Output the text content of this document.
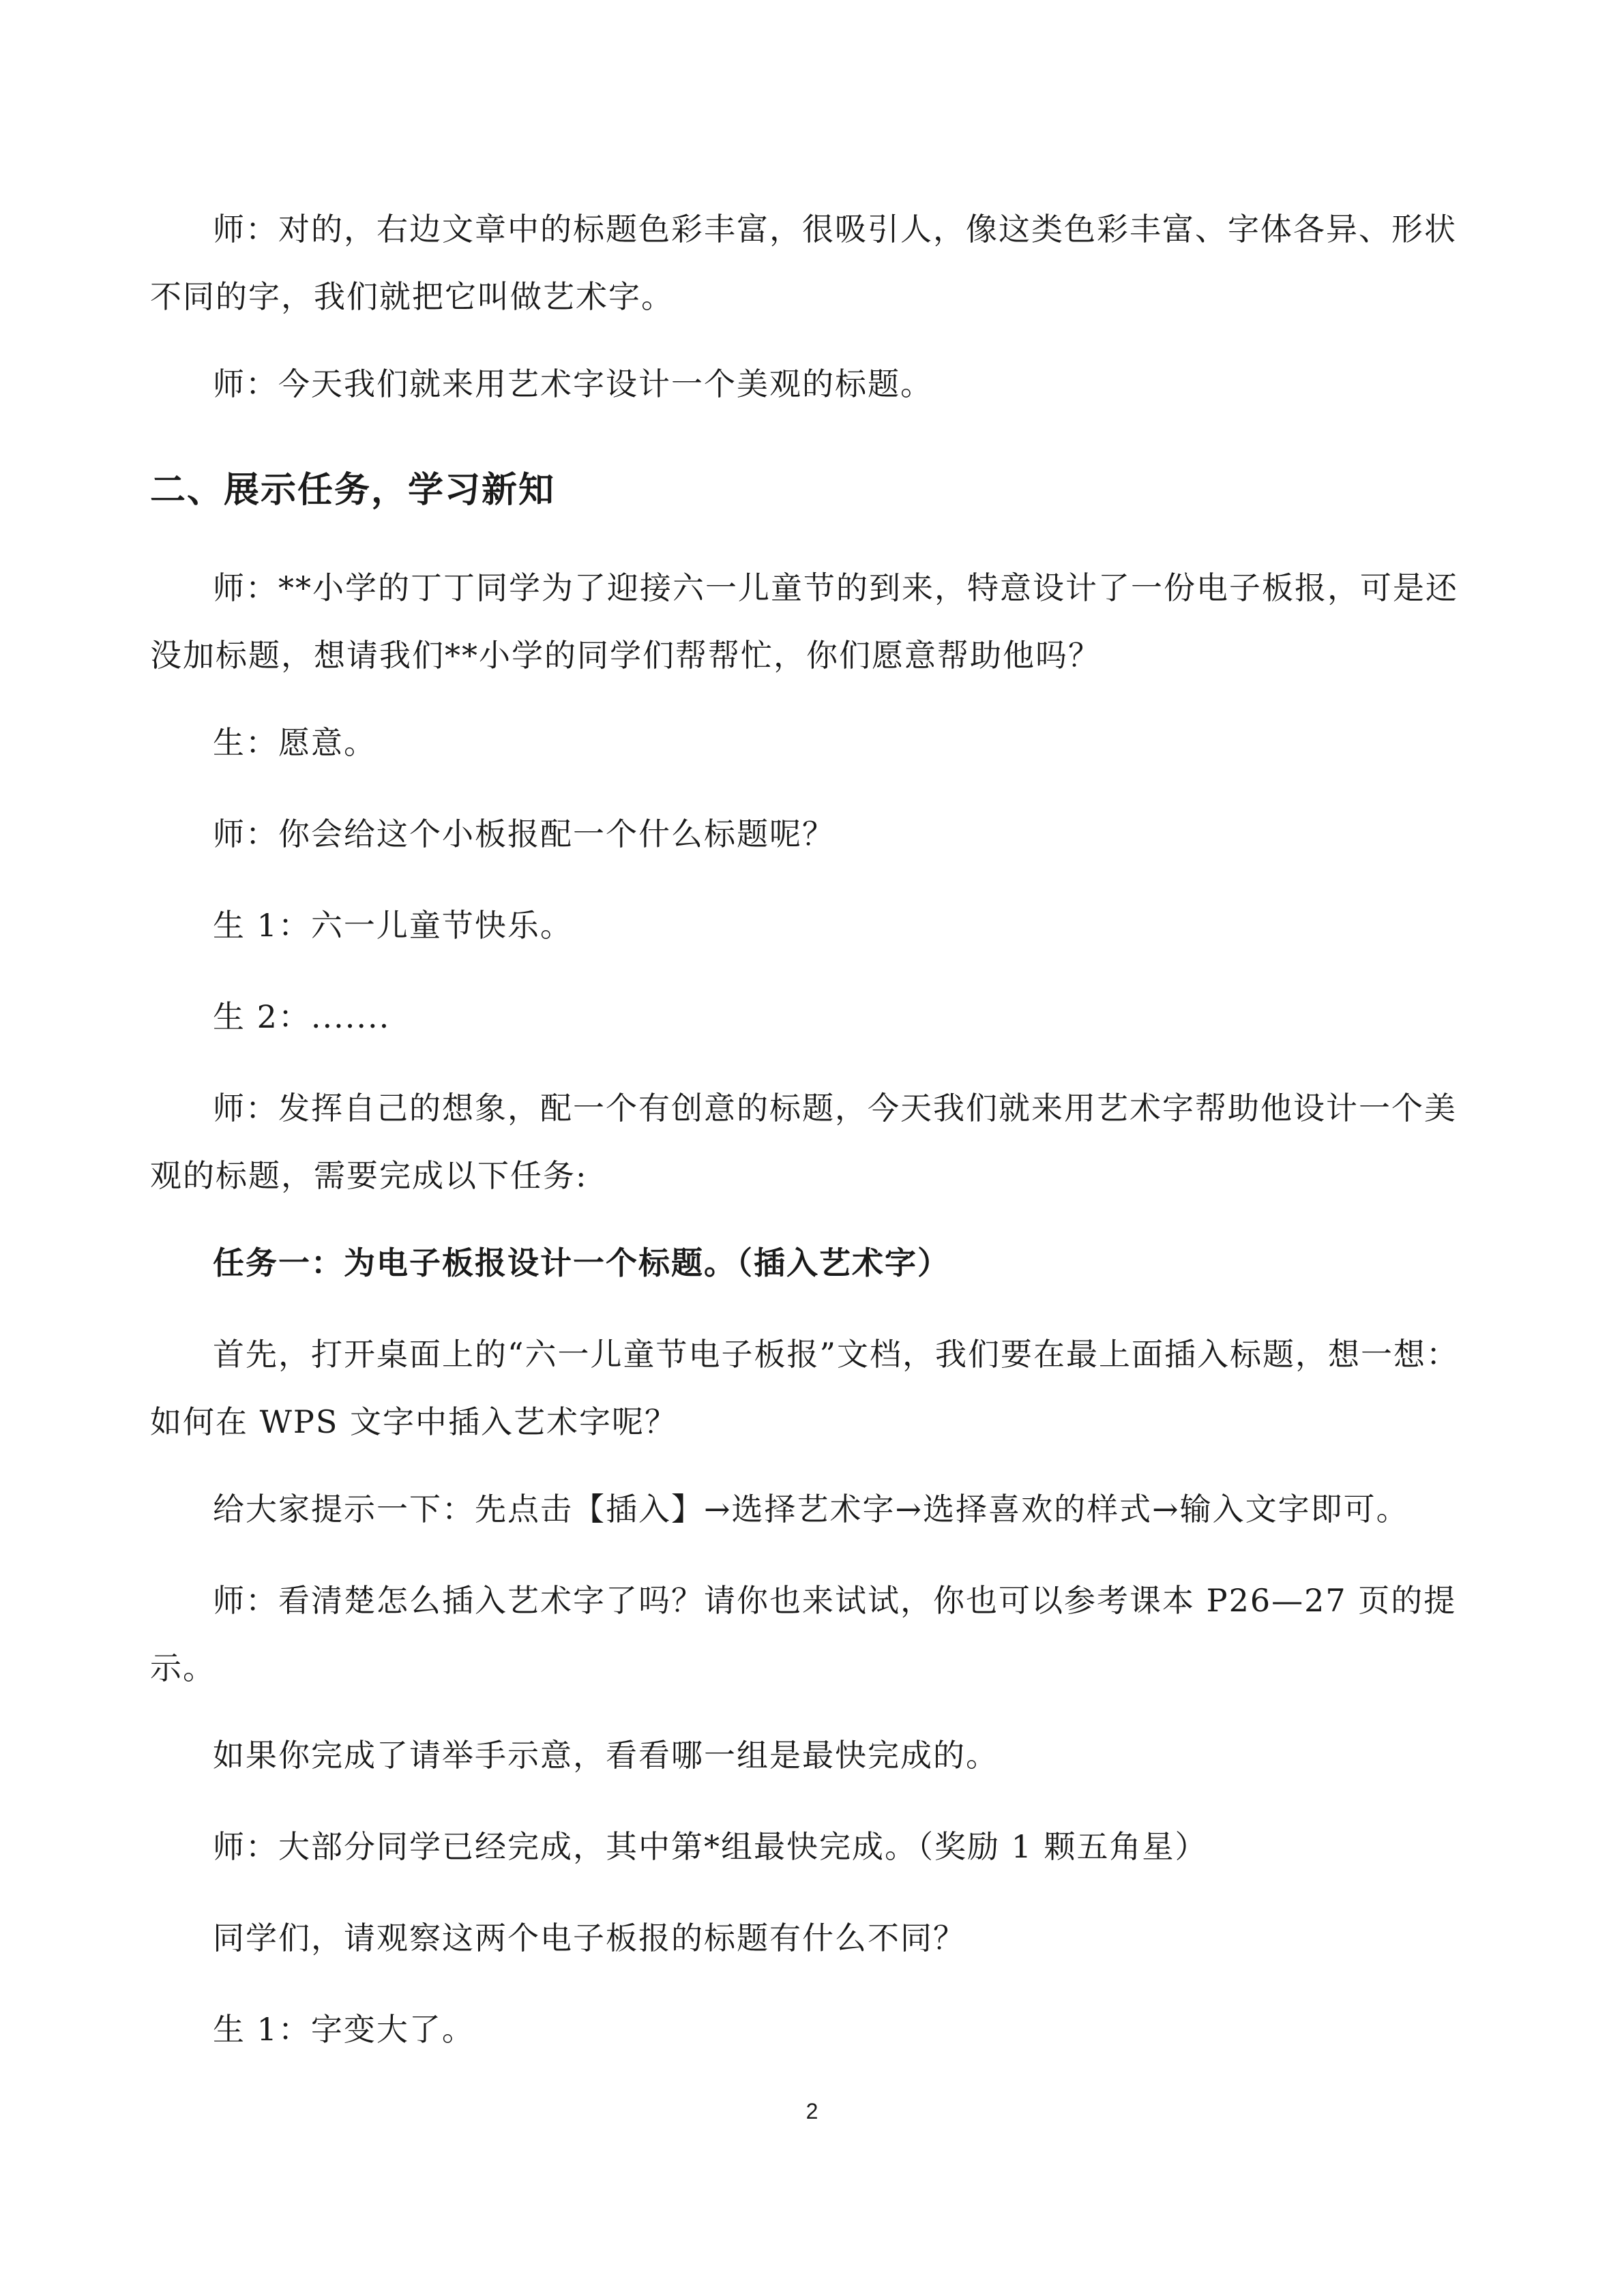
师：对的，右边文章中的标题色彩丰富，很吸引人，像这类色彩丰富、字体各异、形状不同的字，我们就把它叫做艺术字。

师：今天我们就来用艺术字设计一个美观的标题。

二、展示任务，学习新知

师：**小学的丁丁同学为了迎接六一儿童节的到来，特意设计了一份电子板报，可是还没加标题，想请我们**小学的同学们帮帮忙，你们愿意帮助他吗？

生：愿意。

师：你会给这个小板报配一个什么标题呢？

生 1：六一儿童节快乐。

生 2：.......

师：发挥自己的想象，配一个有创意的标题，今天我们就来用艺术字帮助他设计一个美观的标题，需要完成以下任务:

任务一：为电子板报设计一个标题。（插入艺术字）

首先，打开桌面上的“六一儿童节电子板报”文档，我们要在最上面插入标题，想一想：如何在 WPS 文字中插入艺术字呢？

给大家提示一下：先点击【插入】→选择艺术字→选择喜欢的样式→输入文字即可。

师：看清楚怎么插入艺术字了吗？请你也来试试，你也可以参考课本 P26—27 页的提示。

如果你完成了请举手示意，看看哪一组是最快完成的。

师：大部分同学已经完成，其中第*组最快完成。（奖励 1 颗五角星）

同学们，请观察这两个电子板报的标题有什么不同？

生 1：字变大了。

2
